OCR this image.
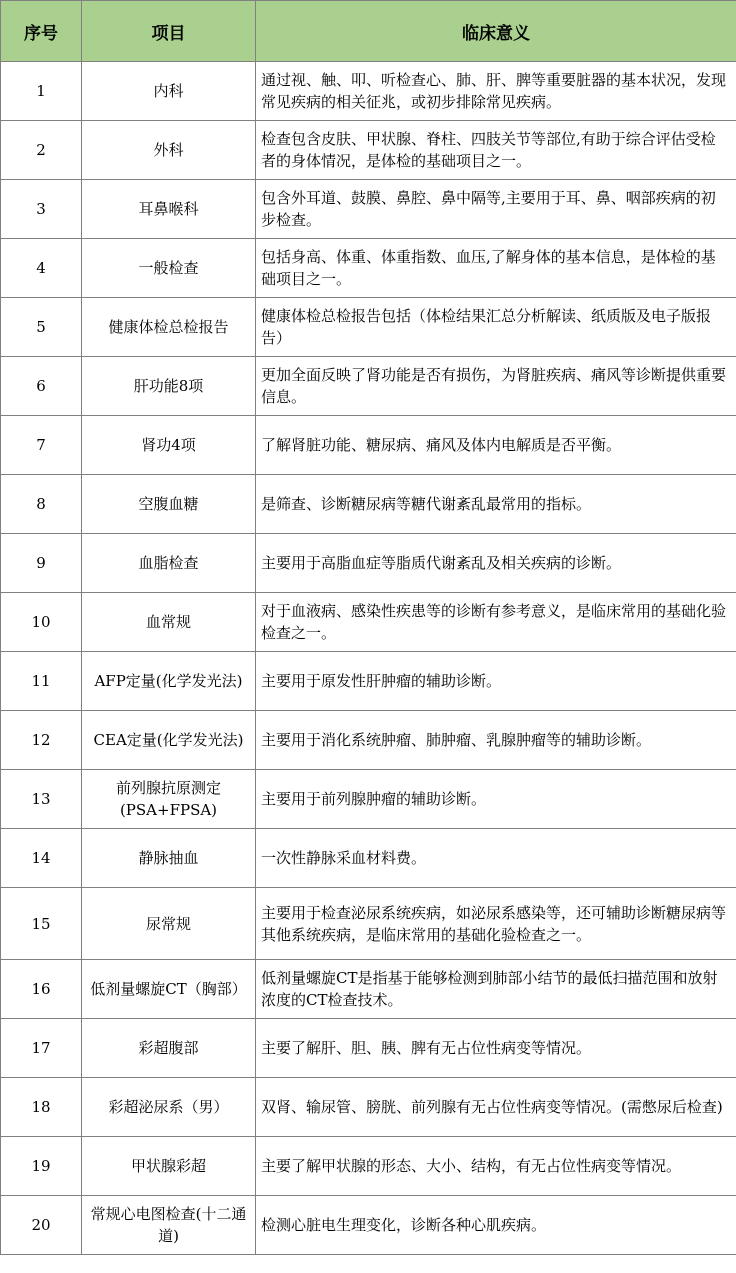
序号	项目	临床意义
1	内科	通过视、触、叩、听检查心、肺、肝、脾等重要脏器的基本状况，发现常见疾病的相关征兆，或初步排除常见疾病。
2	外科	检查包含皮肤、甲状腺、脊柱、四肢关节等部位,有助于综合评估受检者的身体情况，是体检的基础项目之一。
3	耳鼻喉科	包含外耳道、鼓膜、鼻腔、鼻中隔等,主要用于耳、鼻、咽部疾病的初步检查。
4	一般检查	包括身高、体重、体重指数、血压,了解身体的基本信息，是体检的基础项目之一。
5	健康体检总检报告	健康体检总检报告包括（体检结果汇总分析解读、纸质版及电子版报告）
6	肝功能8项	更加全面反映了肾功能是否有损伤，为肾脏疾病、痛风等诊断提供重要信息。
7	肾功4项	了解肾脏功能、糖尿病、痛风及体内电解质是否平衡。
8	空腹血糖	是筛查、诊断糖尿病等糖代谢紊乱最常用的指标。
9	血脂检查	主要用于高脂血症等脂质代谢紊乱及相关疾病的诊断。
10	血常规	对于血液病、感染性疾患等的诊断有参考意义，是临床常用的基础化验检查之一。
11	AFP定量(化学发光法)	主要用于原发性肝肿瘤的辅助诊断。
12	CEA定量(化学发光法)	主要用于消化系统肿瘤、肺肿瘤、乳腺肿瘤等的辅助诊断。
13	前列腺抗原测定(PSA+FPSA)	主要用于前列腺肿瘤的辅助诊断。
14	静脉抽血	一次性静脉采血材料费。
15	尿常规	主要用于检查泌尿系统疾病，如泌尿系感染等，还可辅助诊断糖尿病等其他系统疾病，是临床常用的基础化验检查之一。
16	低剂量螺旋CT（胸部）	低剂量螺旋CT是指基于能够检测到肺部小结节的最低扫描范围和放射浓度的CT检查技术。
17	彩超腹部	主要了解肝、胆、胰、脾有无占位性病变等情况。
18	彩超泌尿系（男）	双肾、输尿管、膀胱、前列腺有无占位性病变等情况。(需憋尿后检查)
19	甲状腺彩超	主要了解甲状腺的形态、大小、结构，有无占位性病变等情况。
20	常规心电图检查(十二通道)	检测心脏电生理变化，诊断各种心肌疾病。
